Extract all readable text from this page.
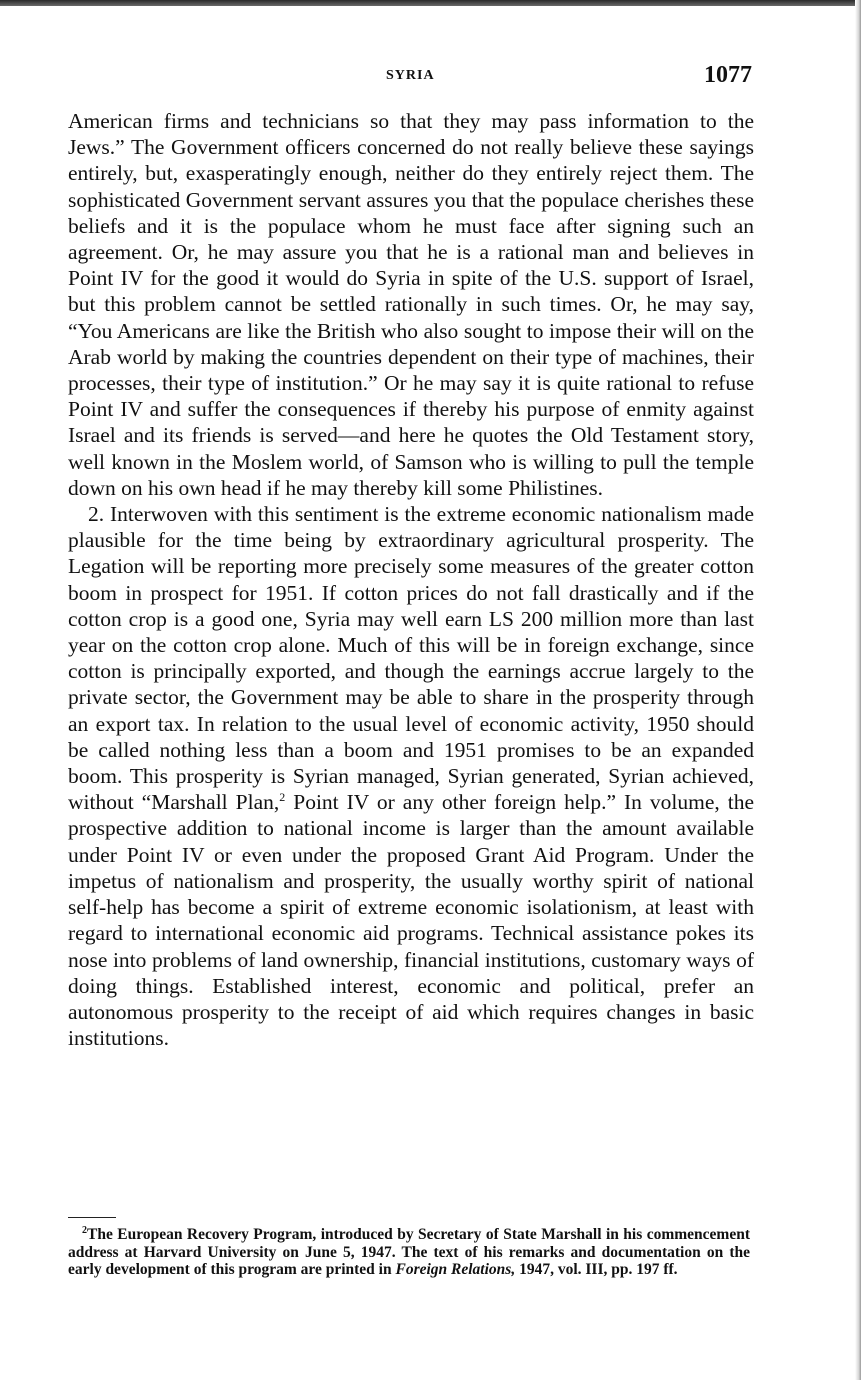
SYRIA	1077

American firms and technicians so that they may pass information to the Jews.” The Government officers concerned do not really believe these sayings entirely, but, exasperatingly enough, neither do they entirely reject them. The sophisticated Government servant assures you that the populace cherishes these beliefs and it is the populace whom he must face after signing such an agreement. Or, he may assure you that he is a rational man and believes in Point IV for the good it would do Syria in spite of the U.S. support of Israel, but this problem cannot be settled rationally in such times. Or, he may say, “You Americans are like the British who also sought to impose their will on the Arab world by making the countries dependent on their type of machines, their processes, their type of institution.” Or he may say it is quite rational to refuse Point IV and suffer the consequences if thereby his purpose of enmity against Israel and its friends is served—and here he quotes the Old Testament story, well known in the Moslem world, of Samson who is willing to pull the temple down on his own head if he may thereby kill some Philistines.

2. Interwoven with this sentiment is the extreme economic nationalism made plausible for the time being by extraordinary agricultural prosperity. The Legation will be reporting more precisely some measures of the greater cotton boom in prospect for 1951. If cotton prices do not fall drastically and if the cotton crop is a good one, Syria may well earn LS 200 million more than last year on the cotton crop alone. Much of this will be in foreign exchange, since cotton is principally exported, and though the earnings accrue largely to the private sector, the Government may be able to share in the prosperity through an export tax. In relation to the usual level of economic activity, 1950 should be called nothing less than a boom and 1951 promises to be an expanded boom. This prosperity is Syrian managed, Syrian generated, Syrian achieved, without “Marshall Plan,$^2$ Point IV or any other foreign help.” In volume, the prospective addition to national income is larger than the amount available under Point IV or even under the proposed Grant Aid Program. Under the impetus of nationalism and prosperity, the usually worthy spirit of national self-help has become a spirit of extreme economic isolationism, at least with regard to international economic aid programs. Technical assistance pokes its nose into problems of land ownership, financial institutions, customary ways of doing things. Established interest, economic and political, prefer an autonomous prosperity to the receipt of aid which requires changes in basic institutions.

$^2$The European Recovery Program, introduced by Secretary of State Marshall in his commencement address at Harvard University on June 5, 1947. The text of his remarks and documentation on the early development of this program are printed in Foreign Relations, 1947, vol. III, pp. 197 ff.
